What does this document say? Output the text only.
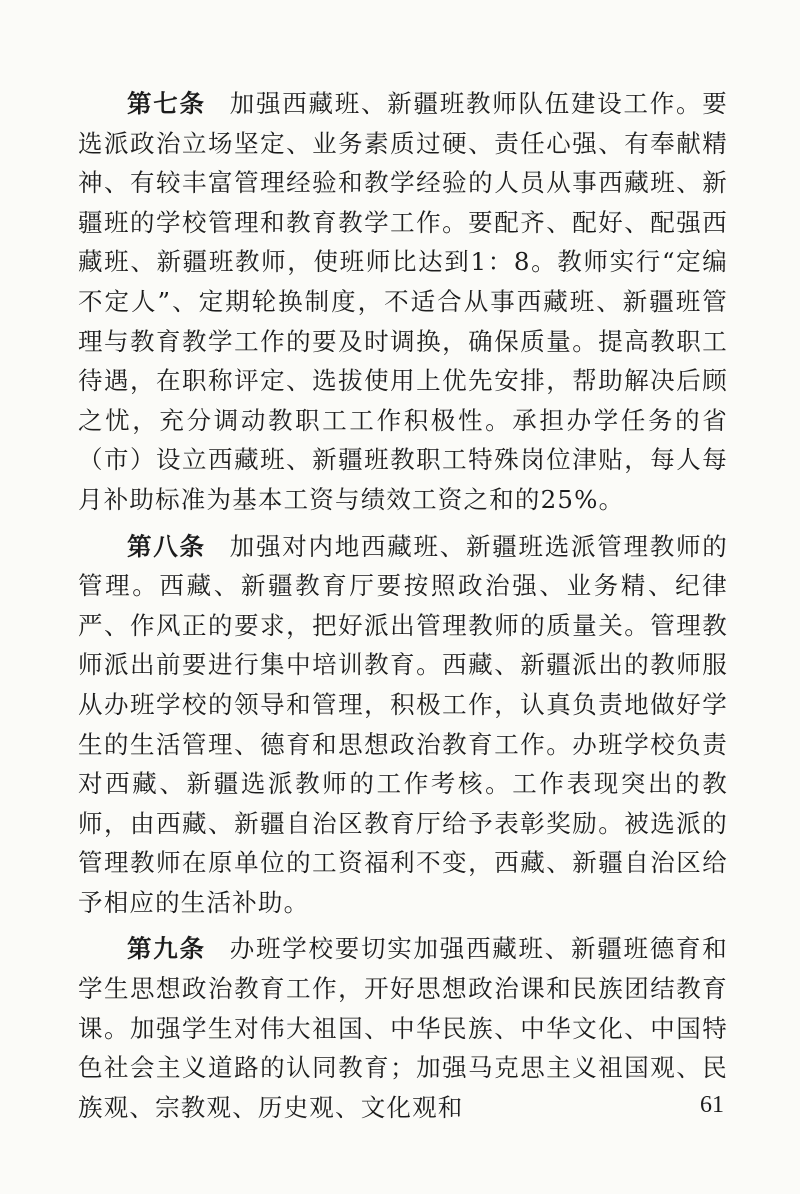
第七条 加强西藏班、新疆班教师队伍建设工作。要选派政治立场坚定、业务素质过硬、责任心强、有奉献精神、有较丰富管理经验和教学经验的人员从事西藏班、新疆班的学校管理和教育教学工作。要配齐、配好、配强西藏班、新疆班教师，使班师比达到1：8。教师实行“定编不定人”、定期轮换制度，不适合从事西藏班、新疆班管理与教育教学工作的要及时调换，确保质量。提高教职工待遇，在职称评定、选拔使用上优先安排，帮助解决后顾之忧，充分调动教职工工作积极性。承担办学任务的省（市）设立西藏班、新疆班教职工特殊岗位津贴，每人每月补助标准为基本工资与绩效工资之和的25%。

第八条 加强对内地西藏班、新疆班选派管理教师的管理。西藏、新疆教育厅要按照政治强、业务精、纪律严、作风正的要求，把好派出管理教师的质量关。管理教师派出前要进行集中培训教育。西藏、新疆派出的教师服从办班学校的领导和管理，积极工作，认真负责地做好学生的生活管理、德育和思想政治教育工作。办班学校负责对西藏、新疆选派教师的工作考核。工作表现突出的教师，由西藏、新疆自治区教育厅给予表彰奖励。被选派的管理教师在原单位的工资福利不变，西藏、新疆自治区给予相应的生活补助。

第九条 办班学校要切实加强西藏班、新疆班德育和学生思想政治教育工作，开好思想政治课和民族团结教育课。加强学生对伟大祖国、中华民族、中华文化、中国特色社会主义道路的认同教育；加强马克思主义祖国观、民族观、宗教观、历史观、文化观和	61
